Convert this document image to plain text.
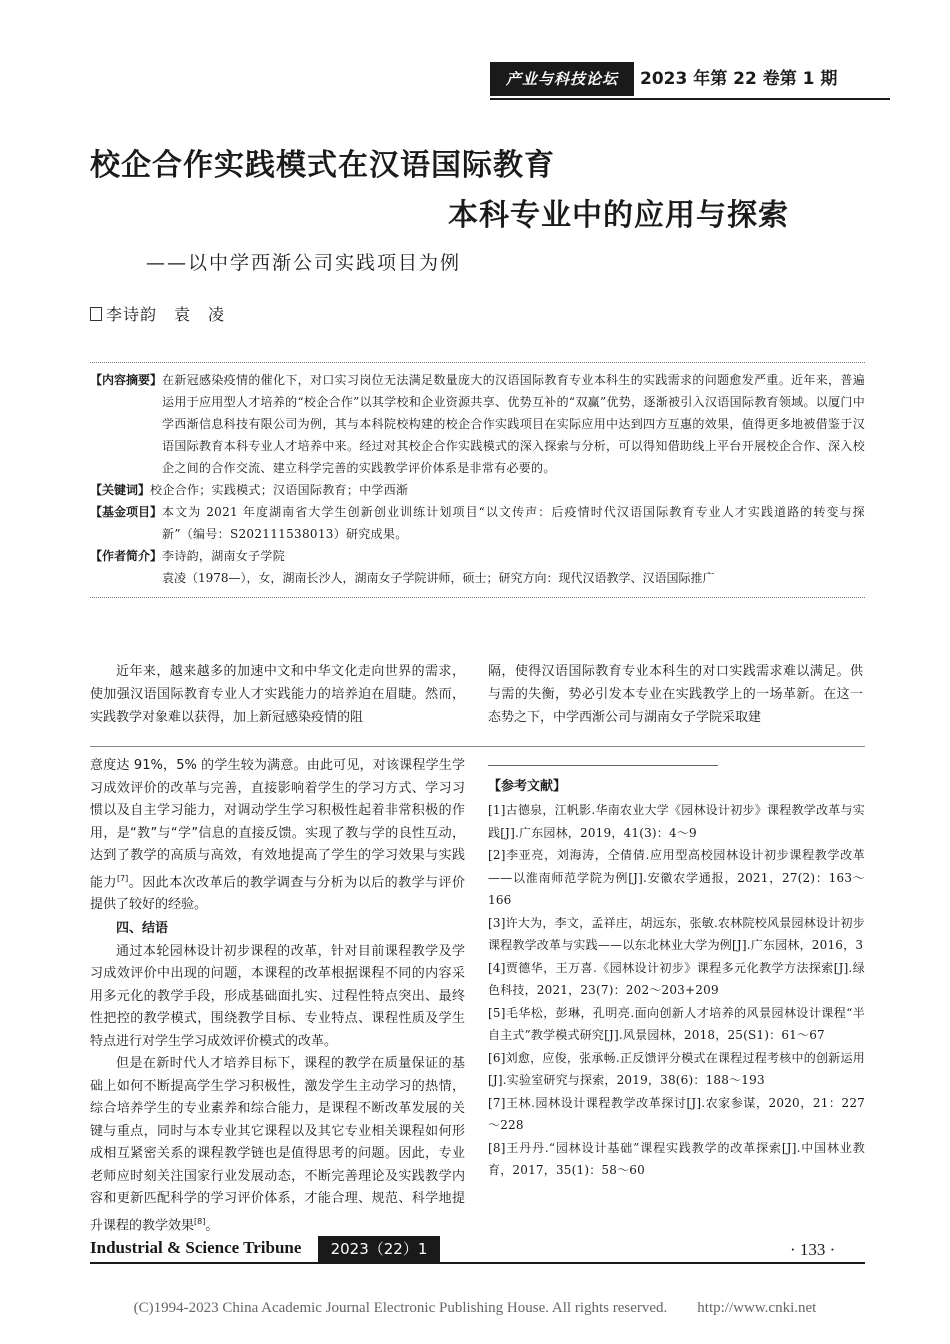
产业与科技论坛	2023 年第 22 卷第 1 期
校企合作实践模式在汉语国际教育
本科专业中的应用与探索
——以中学西渐公司实践项目为例
李诗韵　袁　凌
【内容摘要】 在新冠感染疫情的催化下，对口实习岗位无法满足数量庞大的汉语国际教育专业本科生的实践需求的问题愈发严重。近年来，普遍运用于应用型人才培养的“校企合作”以其学校和企业资源共享、优势互补的“双赢”优势，逐渐被引入汉语国际教育领域。以厦门中学西渐信息科技有限公司为例，其与本科院校构建的校企合作实践项目在实际应用中达到四方互惠的效果，值得更多地被借鉴于汉语国际教育本科专业人才培养中来。经过对其校企合作实践模式的深入探索与分析，可以得知借助线上平台开展校企合作、深入校企之间的合作交流、建立科学完善的实践教学评价体系是非常有必要的。
【关键词】 校企合作；实践模式；汉语国际教育；中学西渐
【基金项目】 本文为 2021 年度湖南省大学生创新创业训练计划项目“以文传声：后疫情时代汉语国际教育专业人才实践道路的转变与探新”（编号：S202111538013）研究成果。
【作者简介】 李诗韵，湖南女子学院
袁凌（1978—），女，湖南长沙人，湖南女子学院讲师，硕士；研究方向：现代汉语教学、汉语国际推广
近年来，越来越多的加速中文和中华文化走向世界的需求，使加强汉语国际教育专业人才实践能力的培养迫在眉睫。然而，实践教学对象难以获得，加上新冠感染疫情的阻
隔，使得汉语国际教育专业本科生的对口实践需求难以满足。供与需的失衡，势必引发本专业在实践教学上的一场革新。在这一态势之下，中学西渐公司与湖南女子学院采取建

意度达 91%，5% 的学生较为满意。由此可见，对该课程学生学习成效评价的改革与完善，直接影响着学生的学习方式、学习习惯以及自主学习能力，对调动学生学习积极性起着非常积极的作用，是“教”与“学”信息的直接反馈。实现了教与学的良性互动，达到了教学的高质与高效，有效地提高了学生的学习效果与实践能力[7]。因此本次改革后的教学调查与分析为以后的教学与评价提供了较好的经验。

四、结语

通过本轮园林设计初步课程的改革，针对目前课程教学及学习成效评价中出现的问题，本课程的改革根据课程不同的内容采用多元化的教学手段，形成基础面扎实、过程性特点突出、最终性把控的教学模式，围绕教学目标、专业特点、课程性质及学生特点进行对学生学习成效评价模式的改革。

但是在新时代人才培养目标下，课程的教学在质量保证的基础上如何不断提高学生学习积极性，激发学生主动学习的热情，综合培养学生的专业素养和综合能力，是课程不断改革发展的关键与重点，同时与本专业其它课程以及其它专业相关课程如何形成相互紧密关系的课程教学链也是值得思考的问题。因此，专业老师应时刻关注国家行业发展动态，不断完善理论及实践教学内容和更新匹配科学的学习评价体系，才能合理、规范、科学地提升课程的教学效果[8]。

【参考文献】
[1]古德泉，江帆影.华南农业大学《园林设计初步》课程教学改革与实践[J].广东园林，2019，41(3)：4～9
[2]李亚亮，刘海涛，仝倩倩.应用型高校园林设计初步课程教学改革——以淮南师范学院为例[J].安徽农学通报，2021，27(2)：163～166
[3]许大为，李文，孟祥庄，胡远东，张敏.农林院校风景园林设计初步课程教学改革与实践——以东北林业大学为例[J].广东园林，2016，3
[4]贾德华，王万喜.《园林设计初步》课程多元化教学方法探索[J].绿色科技，2021，23(7)：202～203+209
[5]毛华松，彭琳，孔明亮.面向创新人才培养的风景园林设计课程“半自主式”教学模式研究[J].风景园林，2018，25(S1)：61～67
[6]刘愈，应俊，张承畅.正反馈评分模式在课程过程考核中的创新运用[J].实验室研究与探索，2019，38(6)：188～193
[7]王林.园林设计课程教学改革探讨[J].农家参谋，2020，21：227～228
[8]王丹丹.“园林设计基础”课程实践教学的改革探索[J].中国林业教育，2017，35(1)：58～60
Industrial & Science Tribune	2023（22）1	· 133 ·
(C)1994-2023 China Academic Journal Electronic Publishing House. All rights reserved.　　http://www.cnki.net
